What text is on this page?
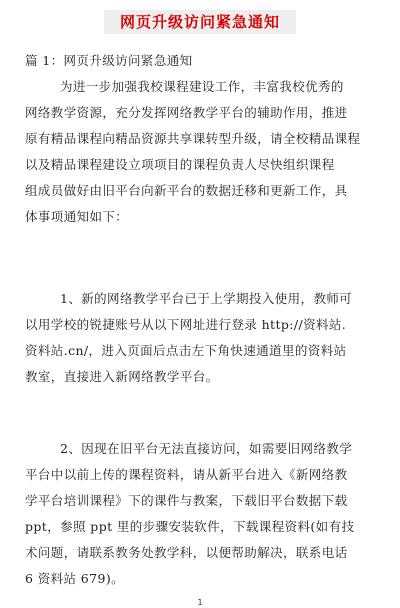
网页升级访问紧急通知
篇 1：网页升级访问紧急通知
为进一步加强我校课程建设工作，丰富我校优秀的
网络教学资源，充分发挥网络教学平台的辅助作用，推进
原有精品课程向精品资源共享课转型升级，请全校精品课程
以及精品课程建设立项项目的课程负责人尽快组织课程
组成员做好由旧平台向新平台的数据迁移和更新工作，具
体事项通知如下：
1、新的网络教学平台已于上学期投入使用，教师可
以用学校的锐捷账号从以下网址进行登录 http://资料站.
资料站.cn/，进入页面后点击左下角快速通道里的资料站
教室，直接进入新网络教学平台。
2、因现在旧平台无法直接访问，如需要旧网络教学
平台中以前上传的课程资料，请从新平台进入《新网络教
学平台培训课程》下的课件与教案，下载旧平台数据下载
ppt，参照 ppt 里的步骤安装软件，下载课程资料(如有技
术问题，请联系教务处教学科，以便帮助解决，联系电话
6 资料站 679)。
1
